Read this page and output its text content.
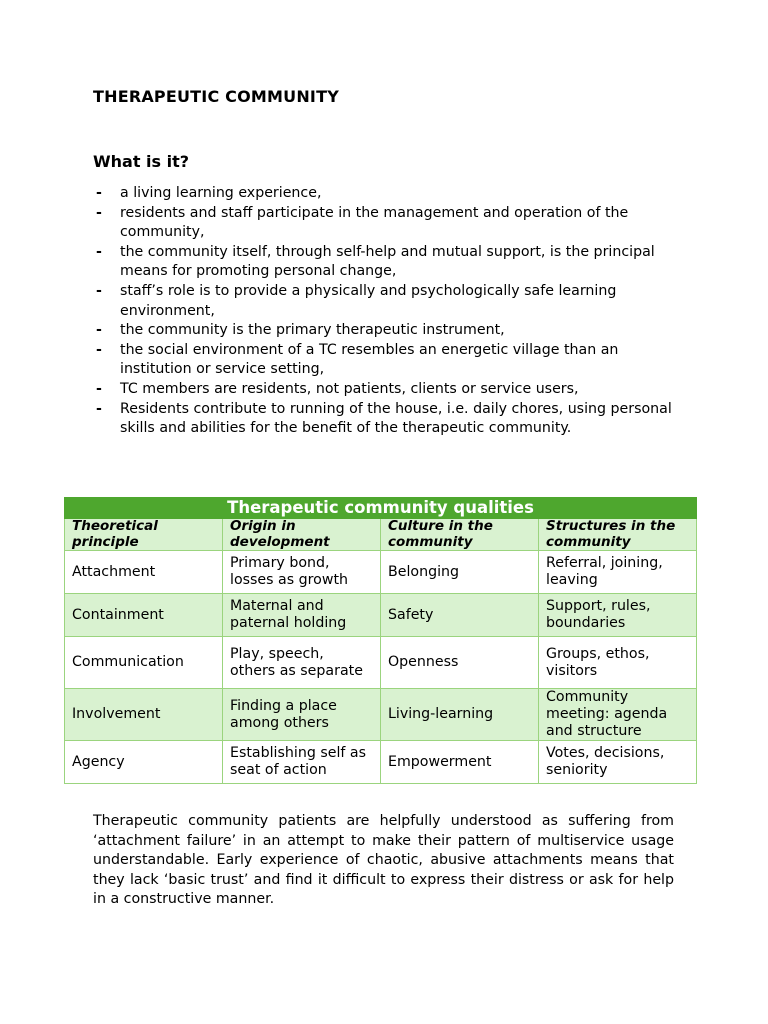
THERAPEUTIC COMMUNITY
What is it?
- a living learning experience,
- residents and staff participate in the management and operation of the community,
- the community itself, through self-help and mutual support, is the principal means for promoting personal change,
- staff’s role is to provide a physically and psychologically safe learning environment,
- the community is the primary therapeutic instrument,
- the social environment of a TC resembles an energetic village than an institution or service setting,
- TC members are residents, not patients, clients or service users,
- Residents contribute to running of the house, i.e. daily chores, using personal skills and abilities for the benefit of the therapeutic community.
Therapeutic community qualities			
Theoretical principle	Origin in development	Culture in the community	Structures in the community
Attachment	Primary bond, losses as growth	Belonging	Referral, joining, leaving
Containment	Maternal and paternal holding	Safety	Support, rules, boundaries
Communication	Play, speech, others as separate	Openness	Groups, ethos, visitors
Involvement	Finding a place among others	Living-learning	Community meeting: agenda and structure
Agency	Establishing self as seat of action	Empowerment	Votes, decisions, seniority

Therapeutic community patients are helpfully understood as suffering from ‘attachment failure’ in an attempt to make their pattern of multiservice usage understandable. Early experience of chaotic, abusive attachments means that they lack ‘basic trust’ and find it difficult to express their distress or ask for help in a constructive manner.
